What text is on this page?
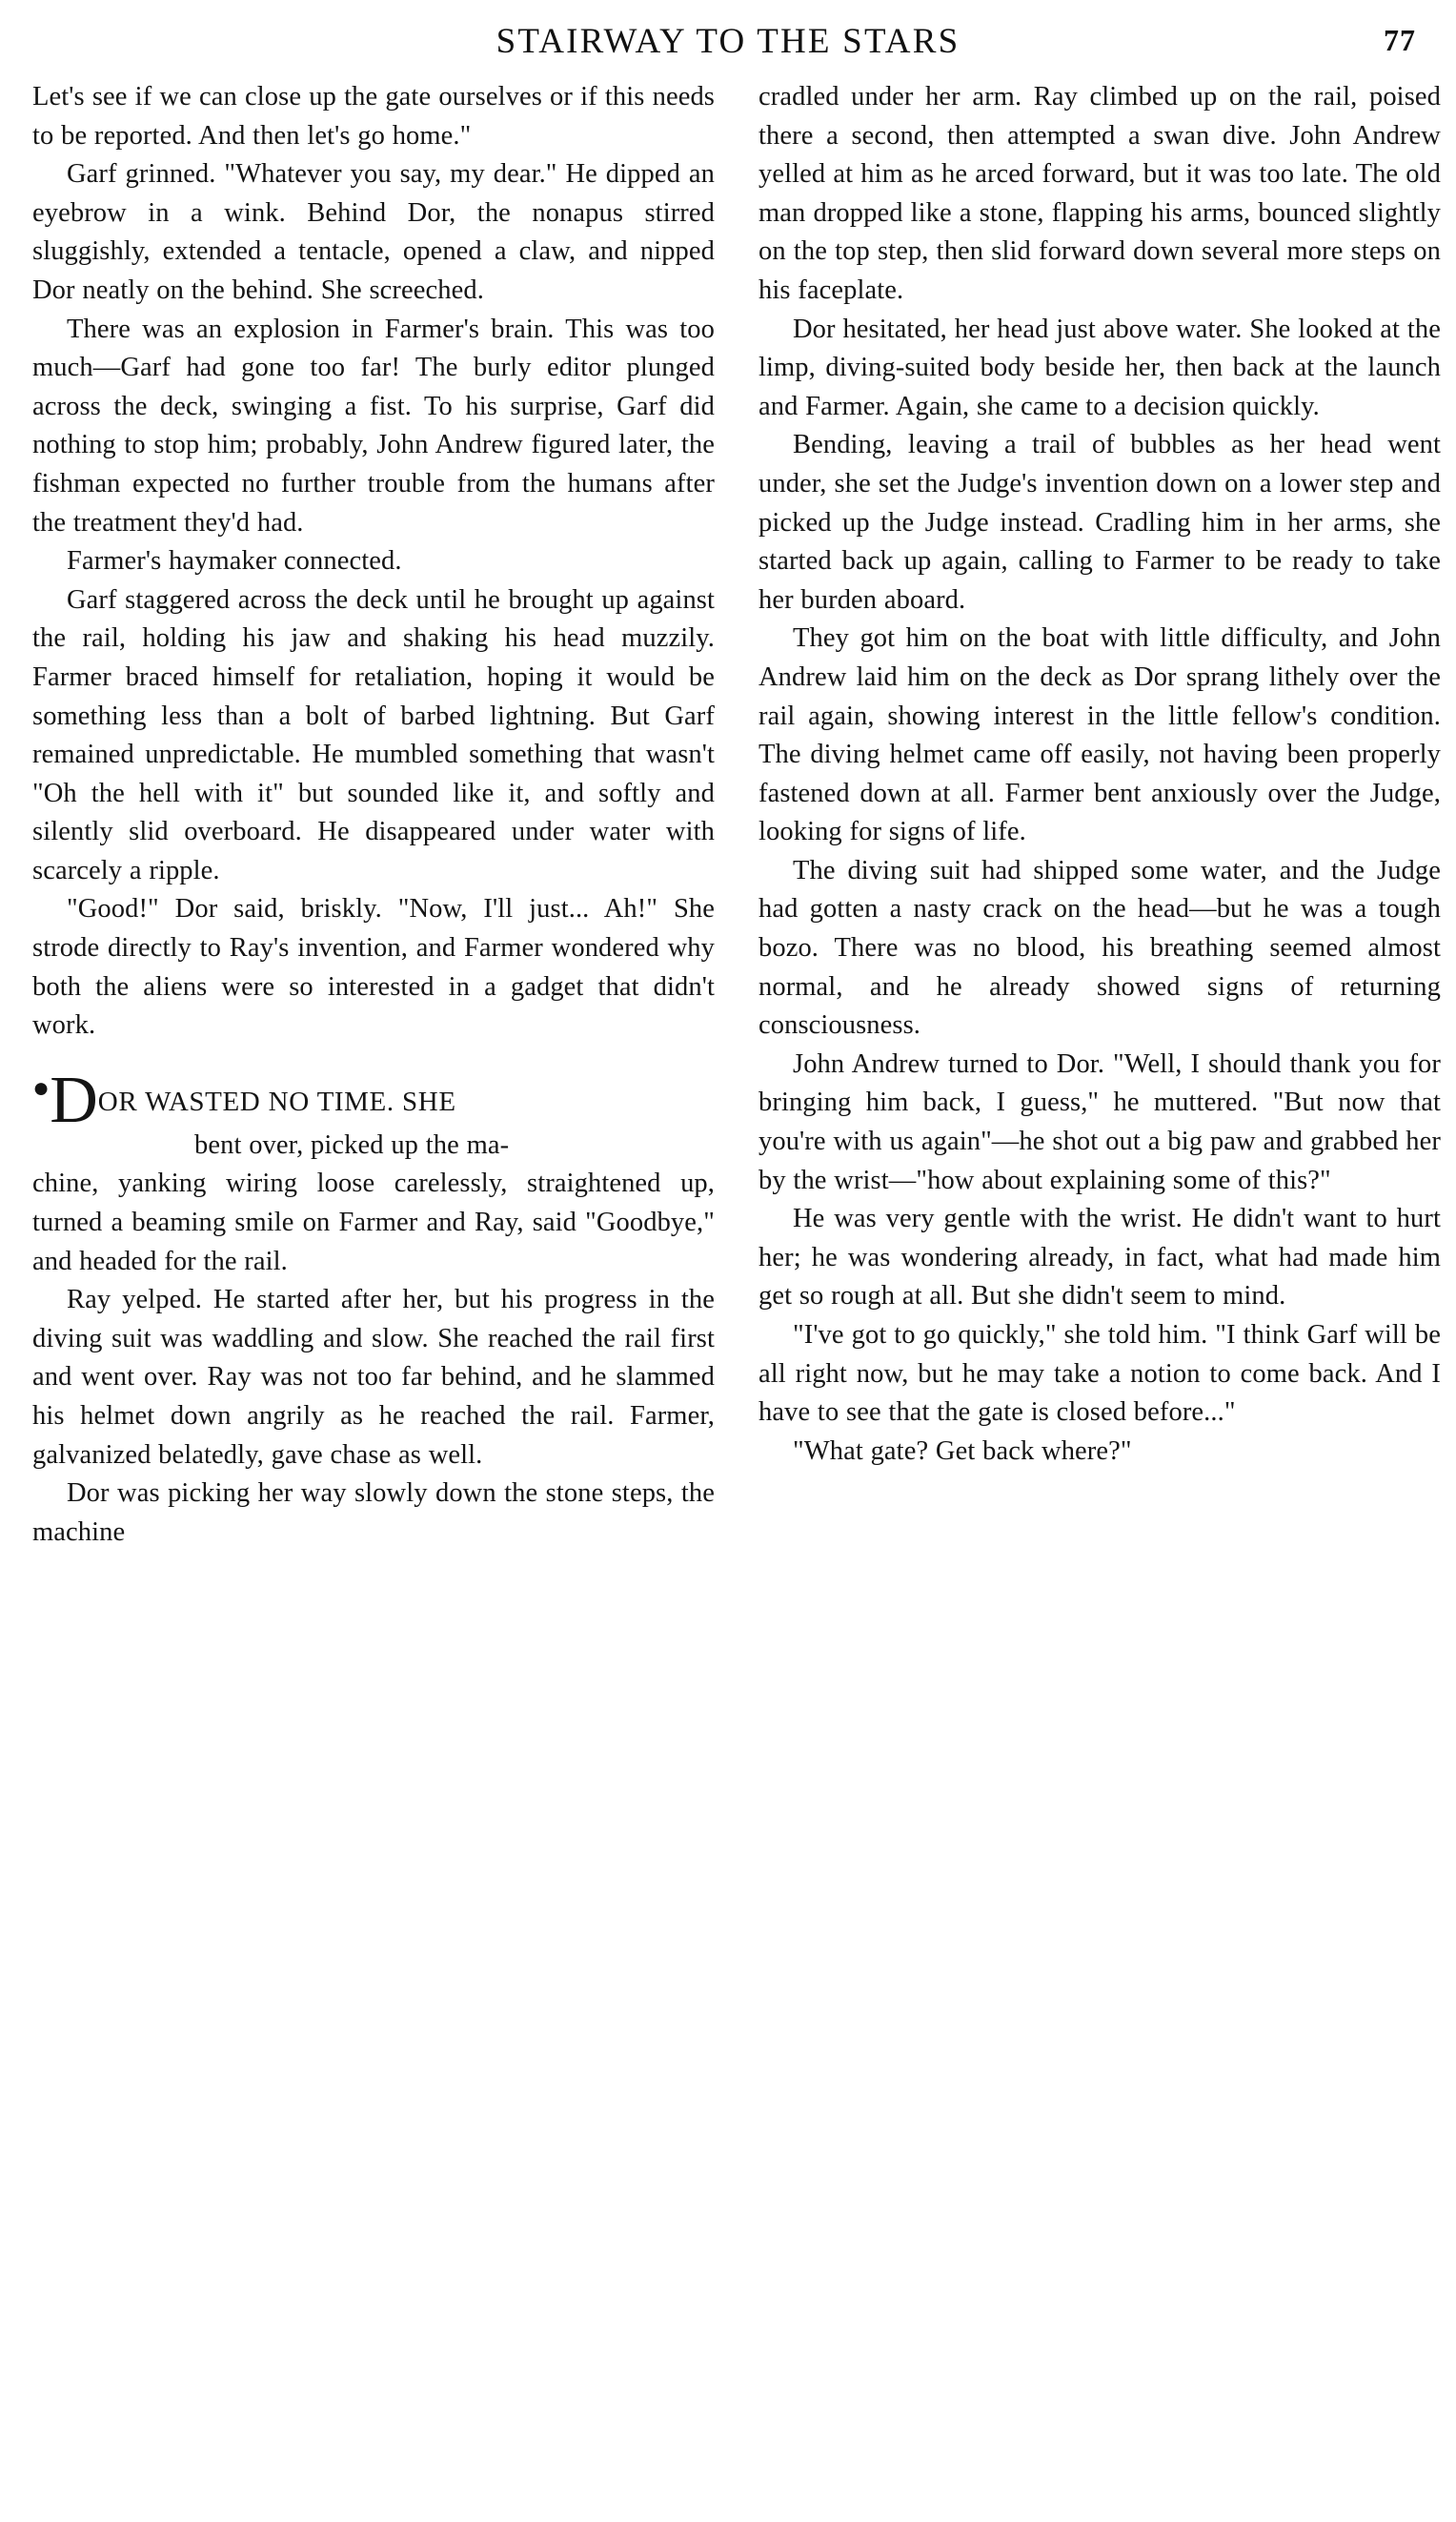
STAIRWAY TO THE STARS	77

Let's see if we can close up the gate ourselves or if this needs to be reported. And then let's go home."

Garf grinned. "Whatever you say, my dear." He dipped an eyebrow in a wink. Behind Dor, the nonapus stirred sluggishly, extended a tentacle, opened a claw, and nipped Dor neatly on the behind. She screeched.

There was an explosion in Farmer's brain. This was too much—Garf had gone too far! The burly editor plunged across the deck, swinging a fist. To his surprise, Garf did nothing to stop him; probably, John Andrew figured later, the fishman expected no further trouble from the humans after the treatment they'd had.

Farmer's haymaker connected.

Garf staggered across the deck until he brought up against the rail, holding his jaw and shaking his head muzzily. Farmer braced himself for retaliation, hoping it would be something less than a bolt of barbed lightning. But Garf remained unpredictable. He mumbled something that wasn't "Oh the hell with it" but sounded like it, and softly and silently slid overboard. He disappeared under water with scarcely a ripple.

"Good!" Dor said, briskly. "Now, I'll just... Ah!" She strode directly to Ray's invention, and Farmer wondered why both the aliens were so interested in a gadget that didn't work.

●DOR WASTED NO TIME. SHE
bent over, picked up the ma-
chine, yanking wiring loose carelessly, straightened up, turned a beaming smile on Farmer and Ray, said "Goodbye," and headed for the rail.

Ray yelped. He started after her, but his progress in the diving suit was waddling and slow. She reached the rail first and went over. Ray was not too far behind, and he slammed his helmet down angrily as he reached the rail. Farmer, galvanized belatedly, gave chase as well.

Dor was picking her way slowly down the stone steps, the machine

cradled under her arm. Ray climbed up on the rail, poised there a second, then attempted a swan dive. John Andrew yelled at him as he arced forward, but it was too late. The old man dropped like a stone, flapping his arms, bounced slightly on the top step, then slid forward down several more steps on his faceplate.

Dor hesitated, her head just above water. She looked at the limp, diving-suited body beside her, then back at the launch and Farmer. Again, she came to a decision quickly.

Bending, leaving a trail of bubbles as her head went under, she set the Judge's invention down on a lower step and picked up the Judge instead. Cradling him in her arms, she started back up again, calling to Farmer to be ready to take her burden aboard.

They got him on the boat with little difficulty, and John Andrew laid him on the deck as Dor sprang lithely over the rail again, showing interest in the little fellow's condition. The diving helmet came off easily, not having been properly fastened down at all. Farmer bent anxiously over the Judge, looking for signs of life.

The diving suit had shipped some water, and the Judge had gotten a nasty crack on the head—but he was a tough bozo. There was no blood, his breathing seemed almost normal, and he already showed signs of returning consciousness.

John Andrew turned to Dor. "Well, I should thank you for bringing him back, I guess," he muttered. "But now that you're with us again"—he shot out a big paw and grabbed her by the wrist—"how about explaining some of this?"

He was very gentle with the wrist. He didn't want to hurt her; he was wondering already, in fact, what had made him get so rough at all. But she didn't seem to mind.

"I've got to go quickly," she told him. "I think Garf will be all right now, but he may take a notion to come back. And I have to see that the gate is closed before..."

"What gate? Get back where?"
